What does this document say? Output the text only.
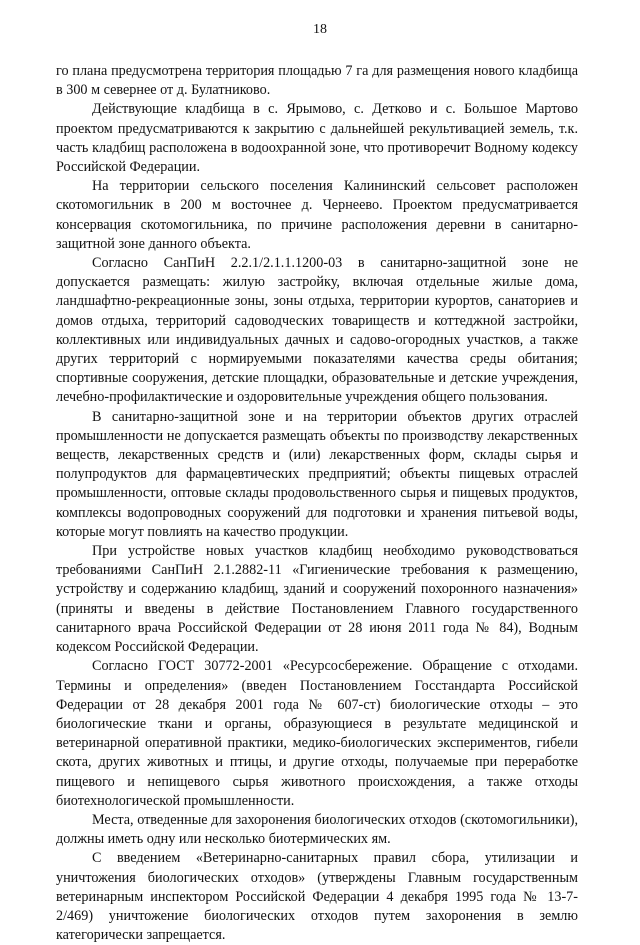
18

го плана предусмотрена территория площадью 7 га для размещения нового кладбища в 300 м севернее от д. Булатниково.

Действующие кладбища в с. Ярымово, с. Детково и с. Большое Мартово проектом предусматриваются к закрытию с дальнейшей рекультивацией земель, т.к. часть кладбищ расположена в водоохранной зоне, что противоречит Водному кодексу Российской Федерации.

На территории сельского поселения Калининский сельсовет расположен скотомогильник в 200 м восточнее д. Чернеево. Проектом предусматривается консервация скотомогильника, по причине расположения деревни в санитарно-защитной зоне данного объекта.

Согласно СанПиН 2.2.1/2.1.1.1200-03 в санитарно-защитной зоне не допускается размещать: жилую застройку, включая отдельные жилые дома, ландшафтно-рекреационные зоны, зоны отдыха, территории курортов, санаториев и домов отдыха, территорий садоводческих товариществ и коттеджной застройки, коллективных или индивидуальных дачных и садово-огородных участков, а также других территорий с нормируемыми показателями качества среды обитания; спортивные сооружения, детские площадки, образовательные и детские учреждения, лечебно-профилактические и оздоровительные учреждения общего пользования.

В санитарно-защитной зоне и на территории объектов других отраслей промышленности не допускается размещать объекты по производству лекарственных веществ, лекарственных средств и (или) лекарственных форм, склады сырья и полупродуктов для фармацевтических предприятий; объекты пищевых отраслей промышленности, оптовые склады продовольственного сырья и пищевых продуктов, комплексы водопроводных сооружений для подготовки и хранения питьевой воды, которые могут повлиять на качество продукции.

При устройстве новых участков кладбищ необходимо руководствоваться требованиями СанПиН 2.1.2882-11 «Гигиенические требования к размещению, устройству и содержанию кладбищ, зданий и сооружений похоронного назначения» (приняты и введены в действие Постановлением Главного государственного санитарного врача Российской Федерации от 28 июня 2011 года № 84), Водным кодексом Российской Федерации.

Согласно ГОСТ 30772-2001 «Ресурсосбережение. Обращение с отходами. Термины и определения» (введен Постановлением Госстандарта Российской Федерации от 28 декабря 2001 года № 607-ст) биологические отходы – это биологические ткани и органы, образующиеся в результате медицинской и ветеринарной оперативной практики, медико-биологических экспериментов, гибели скота, других животных и птицы, и другие отходы, получаемые при переработке пищевого и непищевого сырья животного происхождения, а также отходы биотехнологической промышленности.

Места, отведенные для захоронения биологических отходов (скотомогильники), должны иметь одну или несколько биотермических ям.

С введением «Ветеринарно-санитарных правил сбора, утилизации и уничтожения биологических отходов» (утверждены Главным государственным ветеринарным инспектором Российской Федерации 4 декабря 1995 года № 13-7-2/469) уничтожение биологических отходов путем захоронения в землю категорически запрещается.
